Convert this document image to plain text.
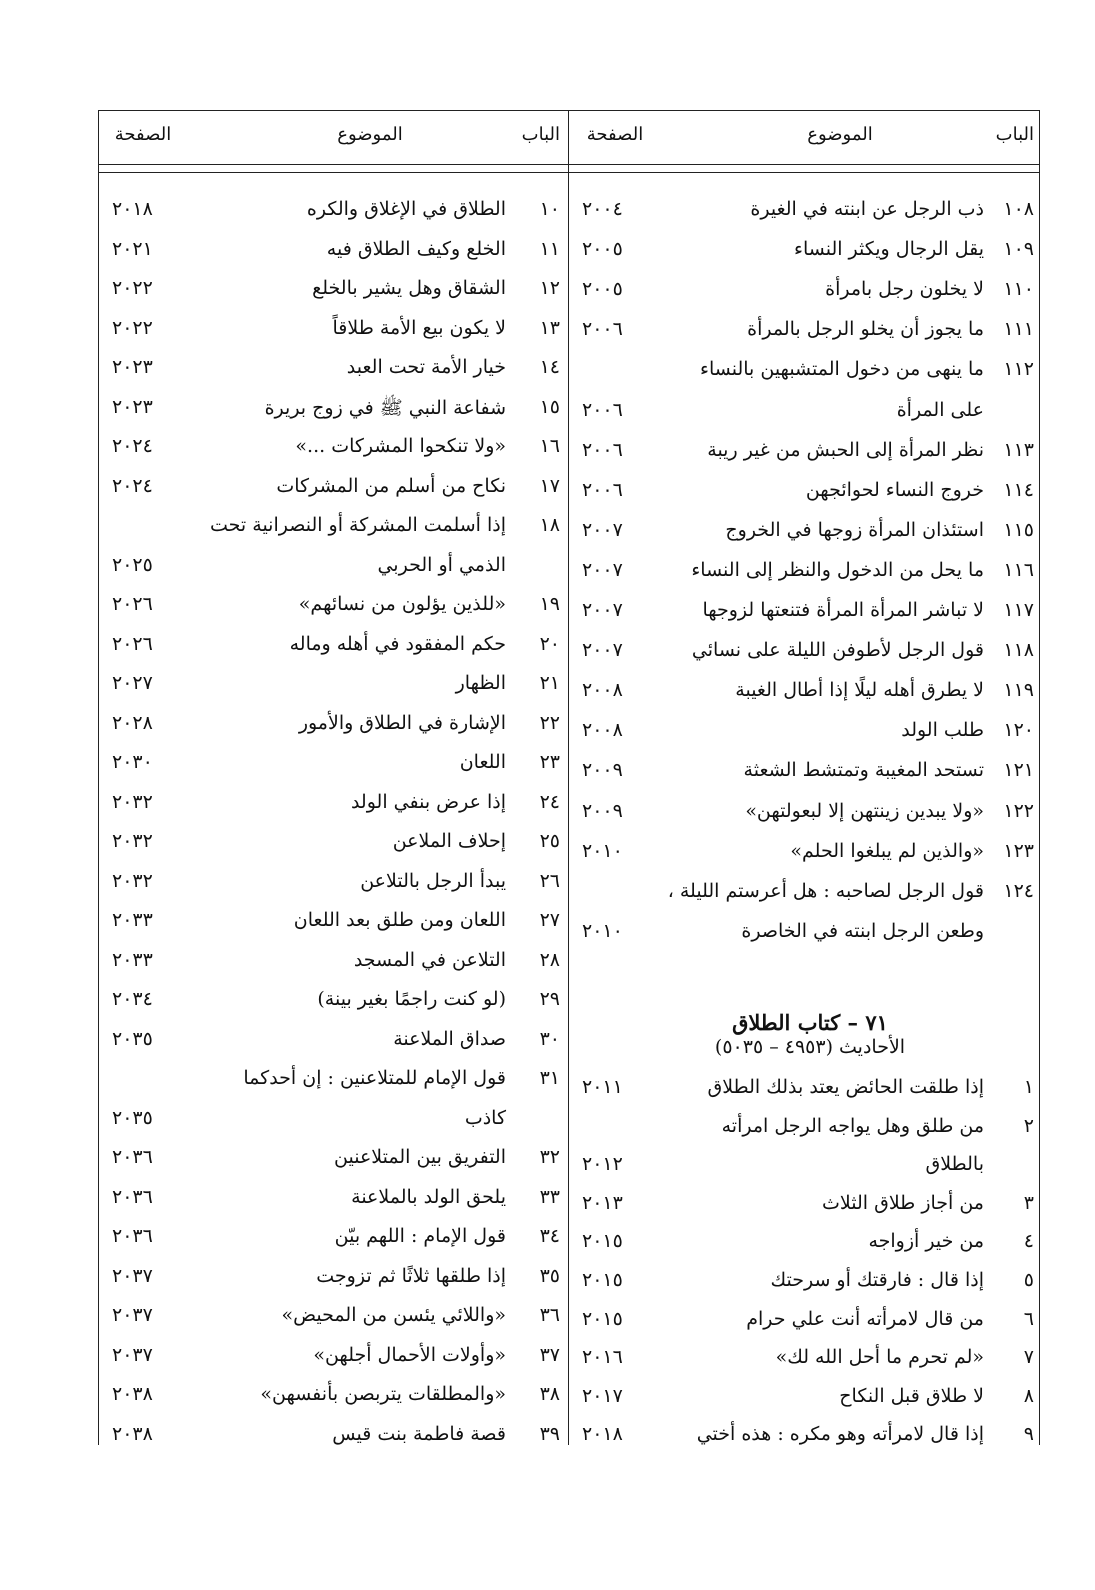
الباب
الموضوع
الصفحة
الباب
الموضوع
الصفحة
١٠٨
ذب الرجل عن ابنته في الغيرة
٢٠٠٤
١٠٩
يقل الرجال ويكثر النساء
٢٠٠٥
١١٠
لا يخلون رجل بامرأة
٢٠٠٥
١١١
ما يجوز أن يخلو الرجل بالمرأة
٢٠٠٦
١١٢
ما ينهى من دخول المتشبهين بالنساء
على المرأة
٢٠٠٦
١١٣
نظر المرأة إلى الحبش من غير ريبة
٢٠٠٦
١١٤
خروج النساء لحوائجهن
٢٠٠٦
١١٥
استئذان المرأة زوجها في الخروج
٢٠٠٧
١١٦
ما يحل من الدخول والنظر إلى النساء
٢٠٠٧
١١٧
لا تباشر المرأة المرأة فتنعتها لزوجها
٢٠٠٧
١١٨
قول الرجل لأطوفن الليلة على نسائي
٢٠٠٧
١١٩
لا يطرق أهله ليلًا إذا أطال الغيبة
٢٠٠٨
١٢٠
طلب الولد
٢٠٠٨
١٢١
تستحد المغيبة وتمتشط الشعثة
٢٠٠٩
١٢٢
«ولا يبدين زينتهن إلا لبعولتهن»
٢٠٠٩
١٢٣
«والذين لم يبلغوا الحلم»
٢٠١٠
١٢٤
قول الرجل لصاحبه : هل أعرستم الليلة ،
وطعن الرجل ابنته في الخاصرة
٢٠١٠
٧١ – كتاب الطلاق
الأحاديث (٤٩٥٣ – ٥٠٣٥)
١
إذا طلقت الحائض يعتد بذلك الطلاق
٢٠١١
٢
من طلق وهل يواجه الرجل امرأته
بالطلاق
٢٠١٢
٣
من أجاز طلاق الثلاث
٢٠١٣
٤
من خير أزواجه
٢٠١٥
٥
إذا قال : فارقتك أو سرحتك
٢٠١٥
٦
من قال لامرأته أنت علي حرام
٢٠١٥
٧
«لم تحرم ما أحل الله لك»
٢٠١٦
٨
لا طلاق قبل النكاح
٢٠١٧
٩
إذا قال لامرأته وهو مكره : هذه أختي
٢٠١٨
١٠
الطلاق في الإغلاق والكره
٢٠١٨
١١
الخلع وكيف الطلاق فيه
٢٠٢١
١٢
الشقاق وهل يشير بالخلع
٢٠٢٢
١٣
لا يكون بيع الأمة طلاقاً
٢٠٢٢
١٤
خيار الأمة تحت العبد
٢٠٢٣
١٥
شفاعة النبي ﷺ في زوج بريرة
٢٠٢٣
١٦
«ولا تنكحوا المشركات ...»
٢٠٢٤
١٧
نكاح من أسلم من المشركات
٢٠٢٤
١٨
إذا أسلمت المشركة أو النصرانية تحت
الذمي أو الحربي
٢٠٢٥
١٩
«للذين يؤلون من نسائهم»
٢٠٢٦
٢٠
حكم المفقود في أهله وماله
٢٠٢٦
٢١
الظهار
٢٠٢٧
٢٢
الإشارة في الطلاق والأمور
٢٠٢٨
٢٣
اللعان
٢٠٣٠
٢٤
إذا عرض بنفي الولد
٢٠٣٢
٢٥
إحلاف الملاعن
٢٠٣٢
٢٦
يبدأ الرجل بالتلاعن
٢٠٣٢
٢٧
اللعان ومن طلق بعد اللعان
٢٠٣٣
٢٨
التلاعن في المسجد
٢٠٣٣
٢٩
(لو كنت راجمًا بغير بينة)
٢٠٣٤
٣٠
صداق الملاعنة
٢٠٣٥
٣١
قول الإمام للمتلاعنين : إن أحدكما
كاذب
٢٠٣٥
٣٢
التفريق بين المتلاعنين
٢٠٣٦
٣٣
يلحق الولد بالملاعنة
٢٠٣٦
٣٤
قول الإمام : اللهم بيّن
٢٠٣٦
٣٥
إذا طلقها ثلاثًا ثم تزوجت
٢٠٣٧
٣٦
«واللائي يئسن من المحيض»
٢٠٣٧
٣٧
«وأولات الأحمال أجلهن»
٢٠٣٧
٣٨
«والمطلقات يتربصن بأنفسهن»
٢٠٣٨
٣٩
قصة فاطمة بنت قيس
٢٠٣٨
